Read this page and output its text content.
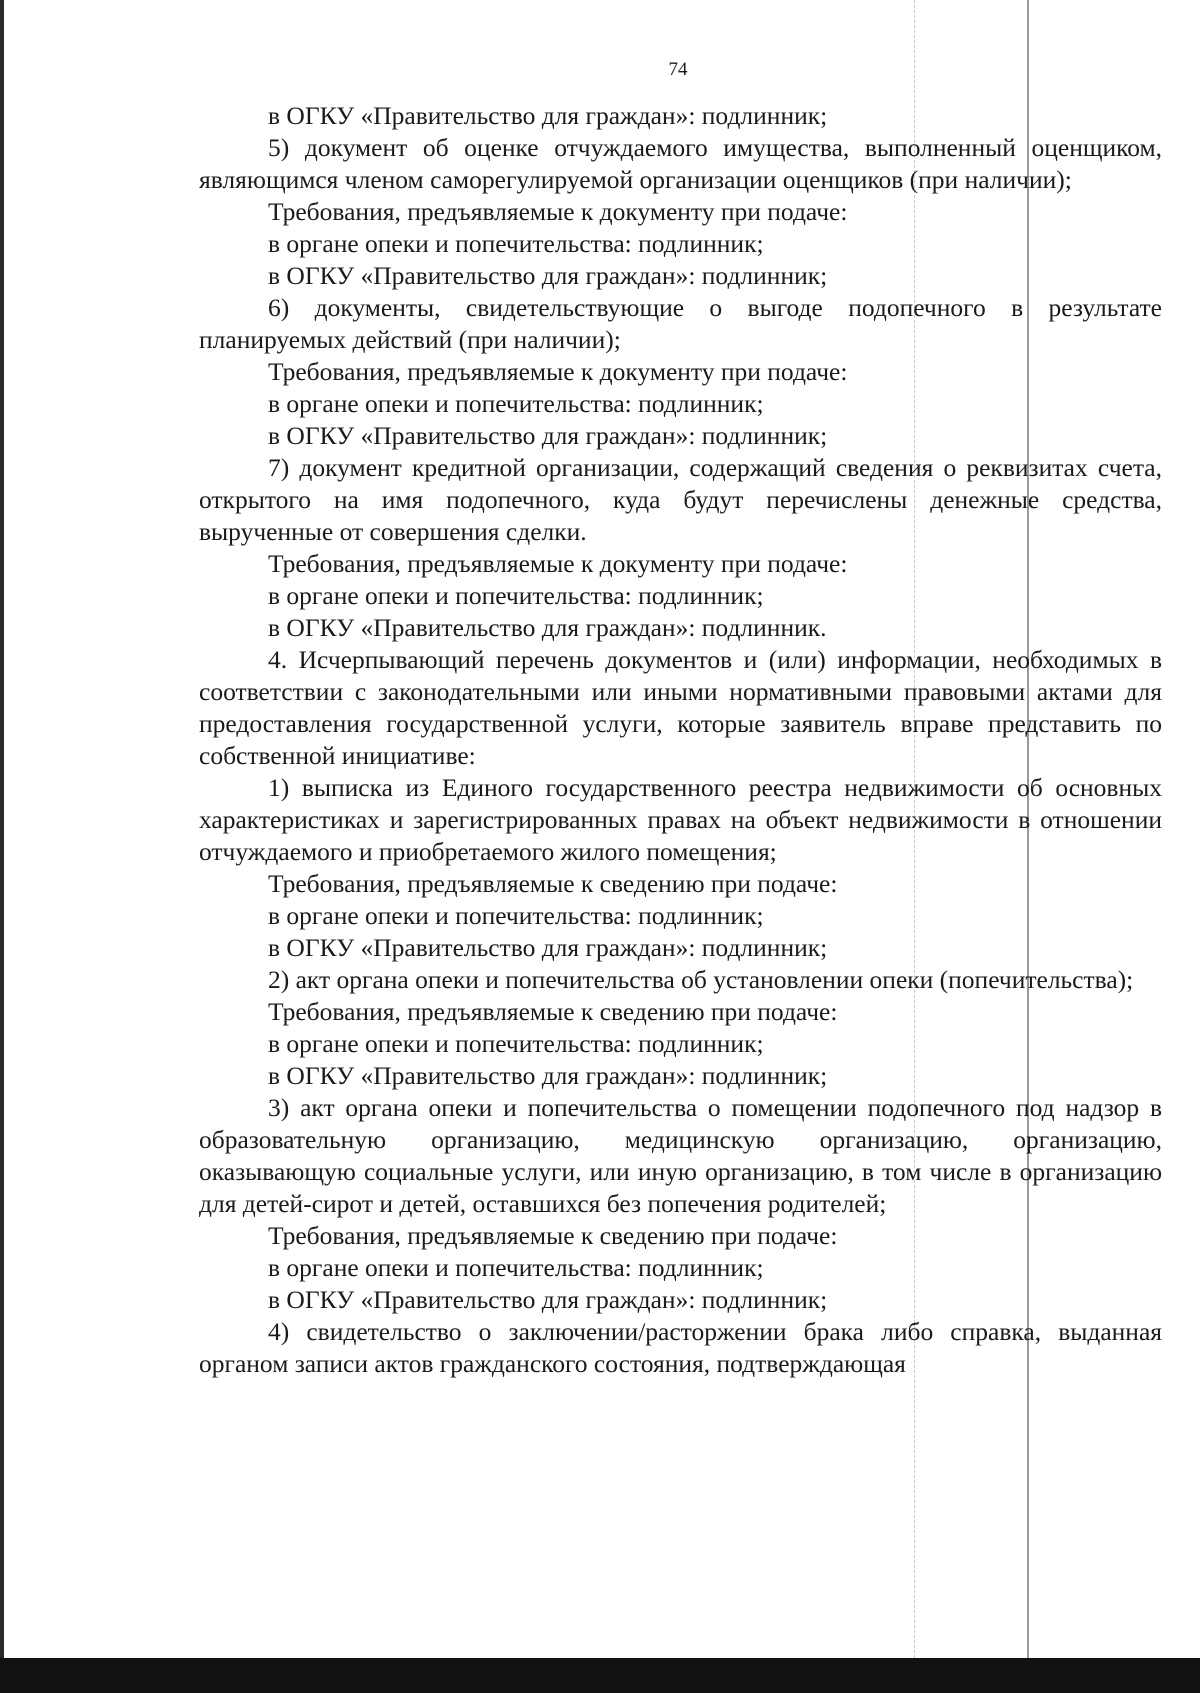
74

в ОГКУ «Правительство для граждан»: подлинник;

5) документ об оценке отчуждаемого имущества, выполненный оценщиком, являющимся членом саморегулируемой организации оценщиков (при наличии);

Требования, предъявляемые к документу при подаче:

в органе опеки и попечительства: подлинник;

в ОГКУ «Правительство для граждан»: подлинник;

6) документы, свидетельствующие о выгоде подопечного в результате планируемых действий (при наличии);

Требования, предъявляемые к документу при подаче:

в органе опеки и попечительства: подлинник;

в ОГКУ «Правительство для граждан»: подлинник;

7) документ кредитной организации, содержащий сведения о реквизитах счета, открытого на имя подопечного, куда будут перечислены денежные средства, вырученные от совершения сделки.

Требования, предъявляемые к документу при подаче:

в органе опеки и попечительства: подлинник;

в ОГКУ «Правительство для граждан»: подлинник.

4. Исчерпывающий перечень документов и (или) информации, необходимых в соответствии с законодательными или иными нормативными правовыми актами для предоставления государственной услуги, которые заявитель вправе представить по собственной инициативе:

1) выписка из Единого государственного реестра недвижимости об основных характеристиках и зарегистрированных правах на объект недвижимости в отношении отчуждаемого и приобретаемого жилого помещения;

Требования, предъявляемые к сведению при подаче:

в органе опеки и попечительства: подлинник;

в ОГКУ «Правительство для граждан»: подлинник;

2) акт органа опеки и попечительства об установлении опеки (попечительства);

Требования, предъявляемые к сведению при подаче:

в органе опеки и попечительства: подлинник;

в ОГКУ «Правительство для граждан»: подлинник;

3) акт органа опеки и попечительства о помещении подопечного под надзор в образовательную организацию, медицинскую организацию, организацию, оказывающую социальные услуги, или иную организацию, в том числе в организацию для детей-сирот и детей, оставшихся без попечения родителей;

Требования, предъявляемые к сведению при подаче:

в органе опеки и попечительства: подлинник;

в ОГКУ «Правительство для граждан»: подлинник;

4) свидетельство о заключении/расторжении брака либо справка, выданная органом записи актов гражданского состояния, подтверждающая
